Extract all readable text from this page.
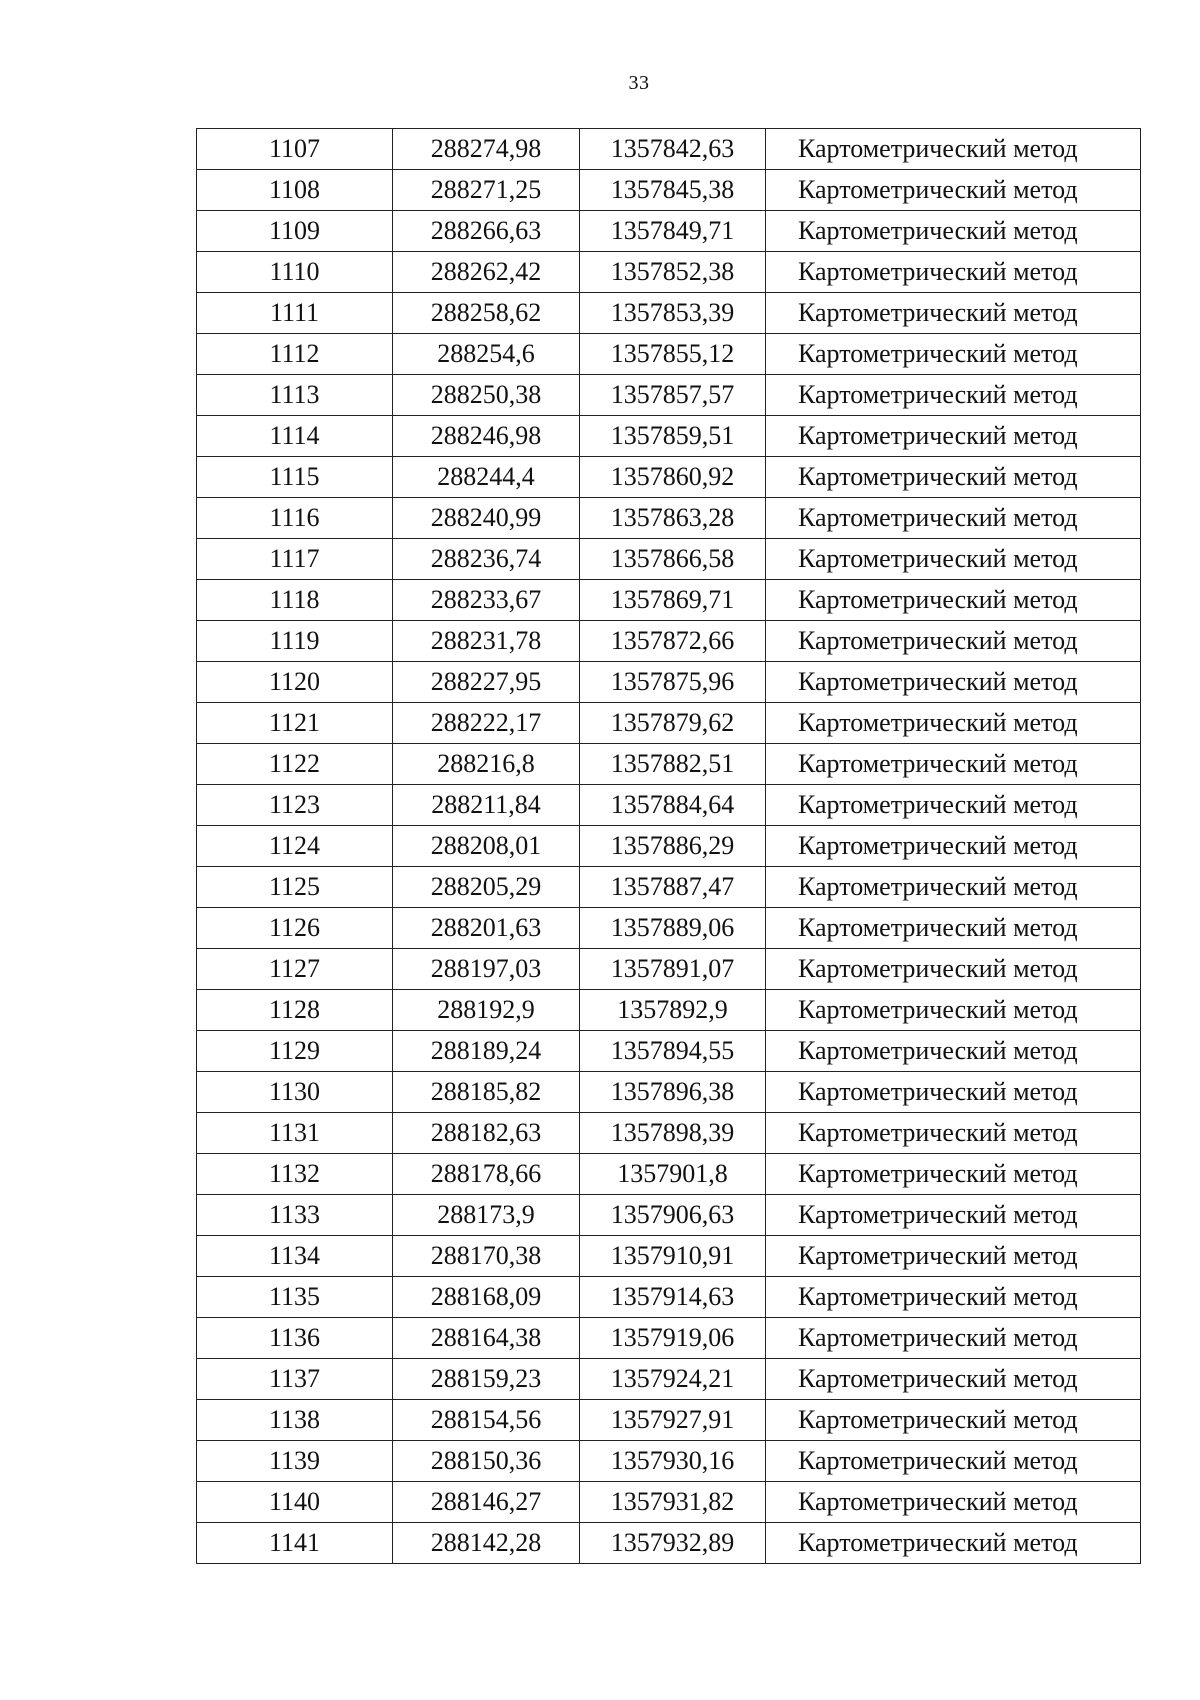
33
1107	288274,98	1357842,63	Картометрический метод
1108	288271,25	1357845,38	Картометрический метод
1109	288266,63	1357849,71	Картометрический метод
1110	288262,42	1357852,38	Картометрический метод
1111	288258,62	1357853,39	Картометрический метод
1112	288254,6	1357855,12	Картометрический метод
1113	288250,38	1357857,57	Картометрический метод
1114	288246,98	1357859,51	Картометрический метод
1115	288244,4	1357860,92	Картометрический метод
1116	288240,99	1357863,28	Картометрический метод
1117	288236,74	1357866,58	Картометрический метод
1118	288233,67	1357869,71	Картометрический метод
1119	288231,78	1357872,66	Картометрический метод
1120	288227,95	1357875,96	Картометрический метод
1121	288222,17	1357879,62	Картометрический метод
1122	288216,8	1357882,51	Картометрический метод
1123	288211,84	1357884,64	Картометрический метод
1124	288208,01	1357886,29	Картометрический метод
1125	288205,29	1357887,47	Картометрический метод
1126	288201,63	1357889,06	Картометрический метод
1127	288197,03	1357891,07	Картометрический метод
1128	288192,9	1357892,9	Картометрический метод
1129	288189,24	1357894,55	Картометрический метод
1130	288185,82	1357896,38	Картометрический метод
1131	288182,63	1357898,39	Картометрический метод
1132	288178,66	1357901,8	Картометрический метод
1133	288173,9	1357906,63	Картометрический метод
1134	288170,38	1357910,91	Картометрический метод
1135	288168,09	1357914,63	Картометрический метод
1136	288164,38	1357919,06	Картометрический метод
1137	288159,23	1357924,21	Картометрический метод
1138	288154,56	1357927,91	Картометрический метод
1139	288150,36	1357930,16	Картометрический метод
1140	288146,27	1357931,82	Картометрический метод
1141	288142,28	1357932,89	Картометрический метод
